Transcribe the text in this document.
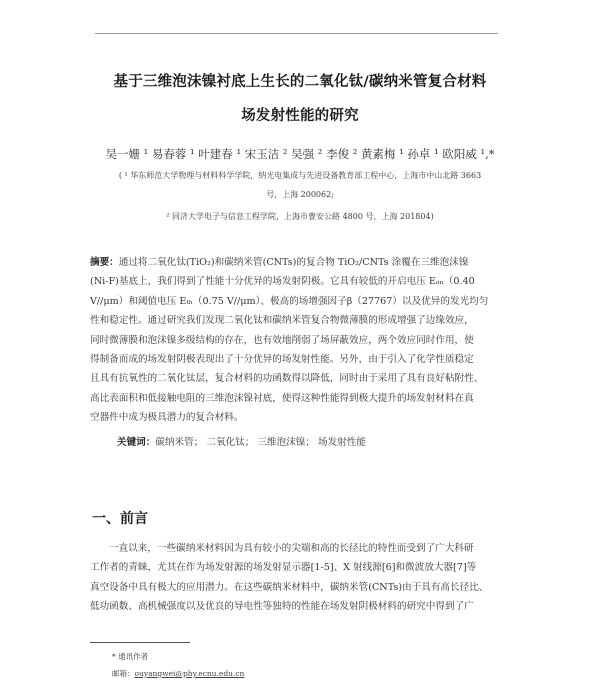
基于三维泡沫镍衬底上生长的二氧化钛/碳纳米管复合材料
场发射性能的研究
吴一姗 ¹ 易春蓉 ¹ 叶建春 ¹ 宋玉洁 ² 吴强 ² 李俊 ² 黄素梅 ¹ 孙卓 ¹ 欧阳威 ¹,*
( ¹ 华东师范大学物理与材料科学学院，纳光电集成与先进设备教育部工程中心，上海市中山北路 3663
号，上海 200062;
² 同济大学电子与信息工程学院，上海市曹安公路 4800 号，上海 201804)
摘要：通过将二氧化钛(TiO₂)和碳纳米管(CNTs)的复合物 TiO₂/CNTs 涂覆在三维泡沫镍
(Ni-F)基底上，我们得到了性能十分优异的场发射阴极。它具有较低的开启电压 Eₒₙ（0.40
V//μm）和阈值电压 Eₜₕ（0.75 V//μm）、极高的场增强因子β（27767）以及优异的发光均匀
性和稳定性。通过研究我们发现二氧化钛和碳纳米管复合物微薄膜的形成增强了边缘效应，
同时微薄膜和泡沫镍多级结构的存在，也有效地削弱了场屏蔽效应，两个效应同时作用，使
得制备而成的场发射阴极表现出了十分优异的场发射性能。另外，由于引入了化学性质稳定
且具有抗氧性的二氧化钛层，复合材料的功函数得以降低，同时由于采用了具有良好粘附性、
高比表面积和低接触电阻的三维泡沫镍衬底，使得这种性能得到极大提升的场发射材料在真
空器件中成为极具潜力的复合材料。
关键词：碳纳米管； 二氧化钛； 三维泡沫镍； 场发射性能
一、前言
一直以来，一些碳纳米材料因为具有较小的尖端和高的长径比的特性而受到了广大科研
工作者的青睐，尤其在作为场发射源的场发射显示器[1-5]、X 射线源[6]和微波放大器[7]等
真空设备中具有极大的应用潜力。在这些碳纳米材料中，碳纳米管(CNTs)由于具有高长径比、
低功函数、高机械强度以及优良的导电性等独特的性能在场发射阴极材料的研究中得到了广
* 通讯作者
邮箱：ouyangwei@phy.ecnu.edu.cn
